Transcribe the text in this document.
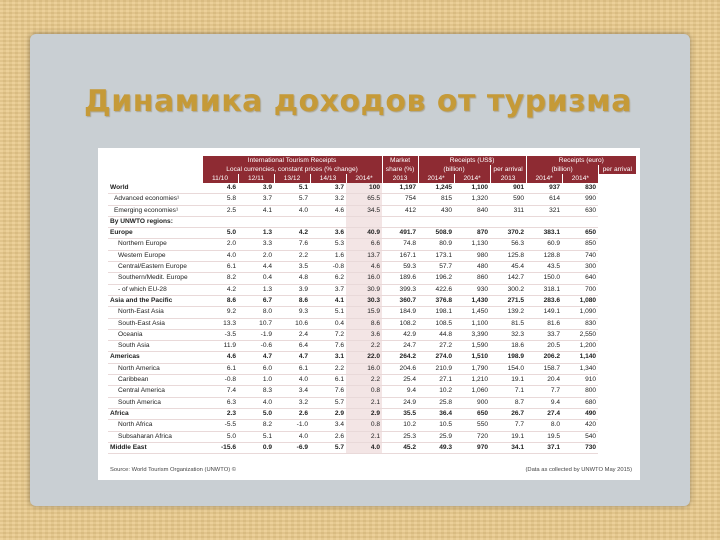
Динамика доходов от туризма
	International Tourism Receipts					Market	Receipts (US$)			Receipts (euro)		
	Local currencies, constant prices (% change)					share (%)	(billion)		per arrival	(billion)		per arrival
	11/10	12/11	13/12	14/13	2014*	2013	2014*	2014*	2013	2014*	2014*	
World	4.6	3.9	5.1	3.7	100	1,197	1,245	1,100	901	937	830	
Advanced economies¹	5.8	3.7	5.7	3.2	65.5	754	815	1,320	590	614	990	
Emerging economies¹	2.5	4.1	4.0	4.6	34.5	412	430	840	311	321	630	
By UNWTO regions:												
Europe	5.0	1.3	4.2	3.6	40.9	491.7	508.9	870	370.2	383.1	650	
Northern Europe	2.0	3.3	7.6	5.3	6.6	74.8	80.9	1,130	56.3	60.9	850	
Western Europe	4.0	2.0	2.2	1.6	13.7	167.1	173.1	980	125.8	128.8	740	
Central/Eastern Europe	6.1	4.4	3.5	-0.8	4.6	59.3	57.7	480	45.4	43.5	300	
Southern/Medit. Europe	8.2	0.4	4.8	6.2	16.0	189.6	196.2	860	142.7	150.0	640	
- of which EU-28	4.2	1.3	3.9	3.7	30.9	399.3	422.6	930	300.2	318.1	700	
Asia and the Pacific	8.6	6.7	8.6	4.1	30.3	360.7	376.8	1,430	271.5	283.6	1,080	
North-East Asia	9.2	8.0	9.3	5.1	15.9	184.9	198.1	1,450	139.2	149.1	1,090	
South-East Asia	13.3	10.7	10.6	0.4	8.6	108.2	108.5	1,100	81.5	81.6	830	
Oceania	-3.5	-1.9	2.4	7.2	3.6	42.9	44.8	3,390	32.3	33.7	2,550	
South Asia	11.9	-0.6	6.4	7.6	2.2	24.7	27.2	1,590	18.6	20.5	1,200	
Americas	4.6	4.7	4.7	3.1	22.0	264.2	274.0	1,510	198.9	206.2	1,140	
North America	6.1	6.0	6.1	2.2	16.0	204.6	210.9	1,790	154.0	158.7	1,340	
Caribbean	-0.8	1.0	4.0	6.1	2.2	25.4	27.1	1,210	19.1	20.4	910	
Central America	7.4	8.3	3.4	7.6	0.8	9.4	10.2	1,060	7.1	7.7	800	
South America	6.3	4.0	3.2	5.7	2.1	24.9	25.8	900	8.7	9.4	680	
Africa	2.3	5.0	2.6	2.9	2.9	35.5	36.4	650	26.7	27.4	490	
North Africa	-5.5	8.2	-1.0	3.4	0.8	10.2	10.5	550	7.7	8.0	420	
Subsaharan Africa	5.0	5.1	4.0	2.6	2.1	25.3	25.9	720	19.1	19.5	540	
Middle East	-15.6	0.9	-6.9	5.7	4.0	45.2	49.3	970	34.1	37.1	730	
Source: World Tourism Organization (UNWTO) ©	(Data as collected by UNWTO May 2015)
